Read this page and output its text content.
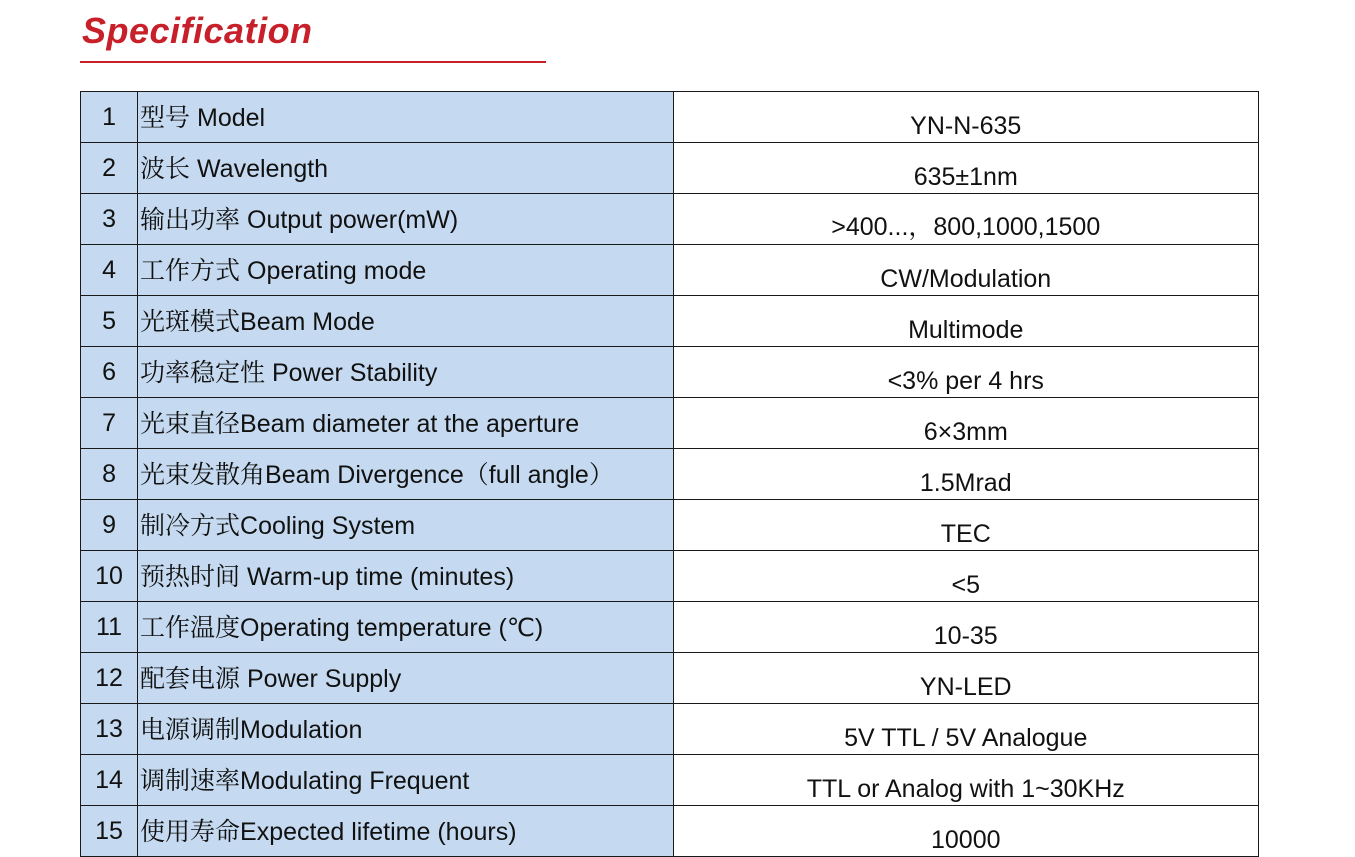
Specification
1	型号 Model	YN-N-635
2	波长 Wavelength	635±1nm
3	输出功率 Output power(mW)	>400...，800,1000,1500
4	工作方式 Operating mode	CW/Modulation
5	光斑模式Beam Mode	Multimode
6	功率稳定性 Power Stability	<3% per 4 hrs
7	光束直径Beam diameter at the aperture	6×3mm
8	光束发散角Beam Divergence（full angle）	1.5Mrad
9	制冷方式Cooling System	TEC
10	预热时间 Warm-up time (minutes)	<5
11	工作温度Operating temperature (℃)	10-35
12	配套电源 Power Supply	YN-LED
13	电源调制Modulation	5V TTL / 5V Analogue
14	调制速率Modulating Frequent	TTL or Analog with 1~30KHz
15	使用寿命Expected lifetime (hours)	10000
